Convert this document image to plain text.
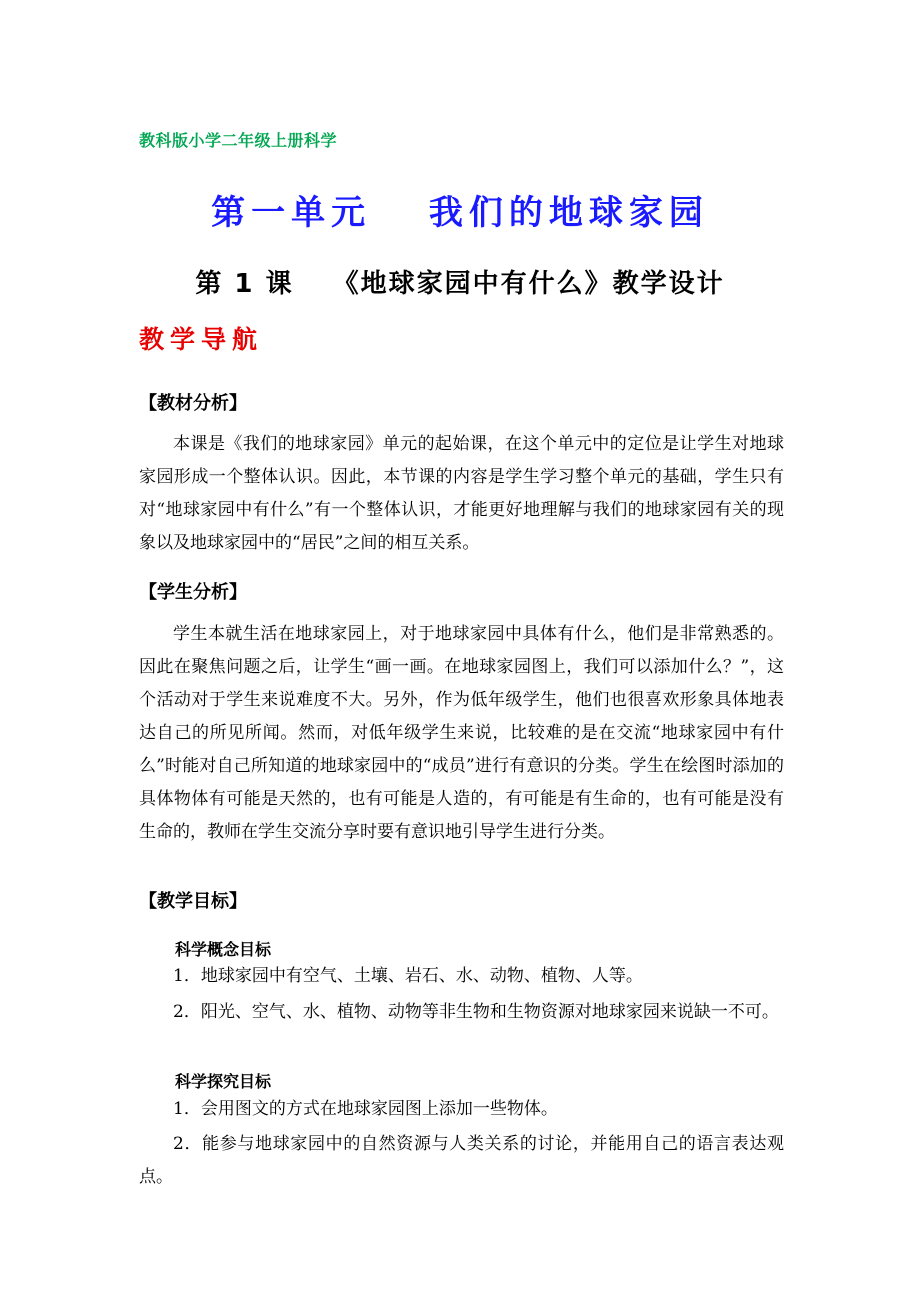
教科版小学二年级上册科学
第一单元　 我们的地球家园
第 1 课　 《地球家园中有什么》教学设计
教学导航
【教材分析】

本课是《我们的地球家园》单元的起始课，在这个单元中的定位是让学生对地球家园形成一个整体认识。因此，本节课的内容是学生学习整个单元的基础，学生只有对“地球家园中有什么”有一个整体认识，才能更好地理解与我们的地球家园有关的现象以及地球家园中的“居民”之间的相互关系。

【学生分析】

学生本就生活在地球家园上，对于地球家园中具体有什么，他们是非常熟悉的。因此在聚焦问题之后，让学生“画一画。在地球家园图上，我们可以添加什么？”，这个活动对于学生来说难度不大。另外，作为低年级学生，他们也很喜欢形象具体地表达自己的所见所闻。然而，对低年级学生来说，比较难的是在交流“地球家园中有什么”时能对自己所知道的地球家园中的“成员”进行有意识的分类。学生在绘图时添加的具体物体有可能是天然的，也有可能是人造的，有可能是有生命的，也有可能是没有生命的，教师在学生交流分享时要有意识地引导学生进行分类。

【教学目标】
科学概念目标

1．地球家园中有空气、土壤、岩石、水、动物、植物、人等。

2．阳光、空气、水、植物、动物等非生物和生物资源对地球家园来说缺一不可。

科学探究目标

1．会用图文的方式在地球家园图上添加一些物体。

2．能参与地球家园中的自然资源与人类关系的讨论，并能用自己的语言表达观点。
